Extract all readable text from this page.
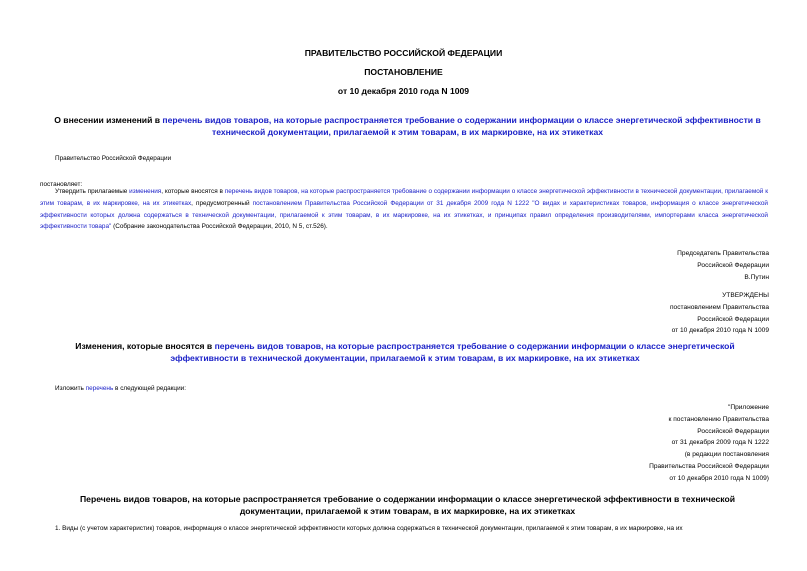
ПРАВИТЕЛЬСТВО РОССИЙСКОЙ ФЕДЕРАЦИИ
ПОСТАНОВЛЕНИЕ
от 10 декабря 2010 года N 1009
О внесении изменений в перечень видов товаров, на которые распространяется требование о содержании информации о классе энергетической эффективности в технической документации, прилагаемой к этим товарам, в их маркировке, на их этикетках
Правительство Российской Федерации
постановляет:
Утвердить прилагаемые изменения, которые вносятся в перечень видов товаров, на которые распространяется требование о содержании информации о классе энергетической эффективности в технической документации, прилагаемой к этим товарам, в их маркировке, на их этикетках, предусмотренный постановлением Правительства Российской Федерации от 31 декабря 2009 года N 1222 "О видах и характеристиках товаров, информация о классе энергетической эффективности которых должна содержаться в технической документации, прилагаемой к этим товарам, в их маркировке, на их этикетках, и принципах правил определения производителями, импортерами класса энергетической эффективности товара" (Собрание законодательства Российской Федерации, 2010, N 5, ст.526).
Председатель Правительства
Российской Федерации
В.Путин
УТВЕРЖДЕНЫ
постановлением Правительства
Российской Федерации
от 10 декабря 2010 года N 1009
Изменения, которые вносятся в перечень видов товаров, на которые распространяется требование о содержании информации о классе энергетической эффективности в технической документации, прилагаемой к этим товарам, в их маркировке, на их этикетках
Изложить перечень в следующей редакции:
"Приложение
к постановлению Правительства
Российской Федерации
от 31 декабря 2009 года N 1222
(в редакции постановления
Правительства Российской Федерации
от 10 декабря 2010 года N 1009)
Перечень видов товаров, на которые распространяется требование о содержании информации о классе энергетической эффективности в технической документации, прилагаемой к этим товарам, в их маркировке, на их этикетках
1. Виды (с учетом характеристик) товаров, информация о классе энергетической эффективности которых должна содержаться в технической документации, прилагаемой к этим товарам, в их маркировке, на их
